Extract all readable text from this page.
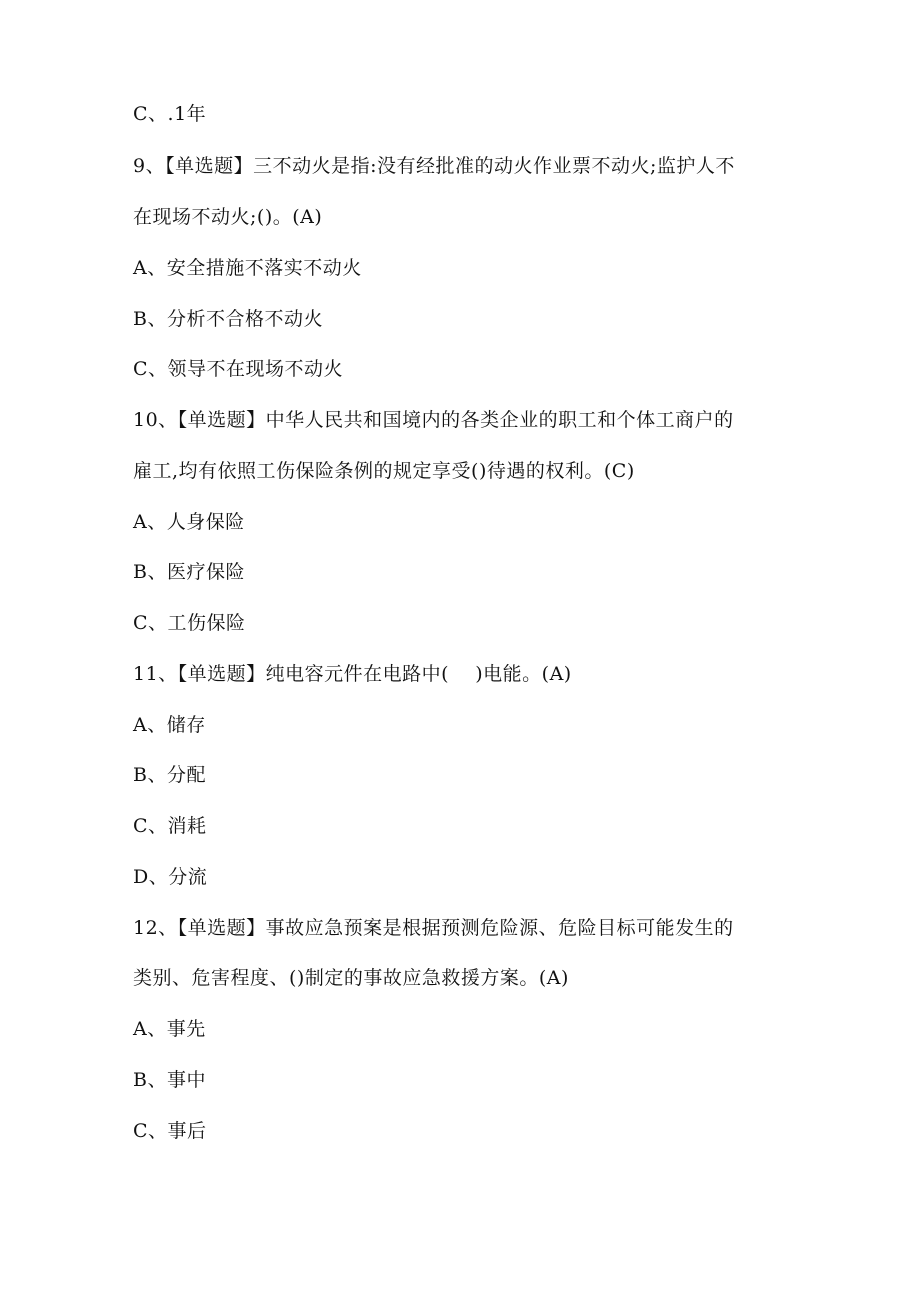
C、.1年
9、【单选题】三不动火是指:没有经批准的动火作业票不动火;监护人不
在现场不动火;()。(A)
A、安全措施不落实不动火
B、分析不合格不动火
C、领导不在现场不动火
10、【单选题】中华人民共和国境内的各类企业的职工和个体工商户的
雇工,均有依照工伤保险条例的规定享受()待遇的权利。(C)
A、人身保险
B、医疗保险
C、工伤保险
11、【单选题】纯电容元件在电路中(    )电能。(A)
A、储存
B、分配
C、消耗
D、分流
12、【单选题】事故应急预案是根据预测危险源、危险目标可能发生的
类别、危害程度、()制定的事故应急救援方案。(A)
A、事先
B、事中
C、事后
